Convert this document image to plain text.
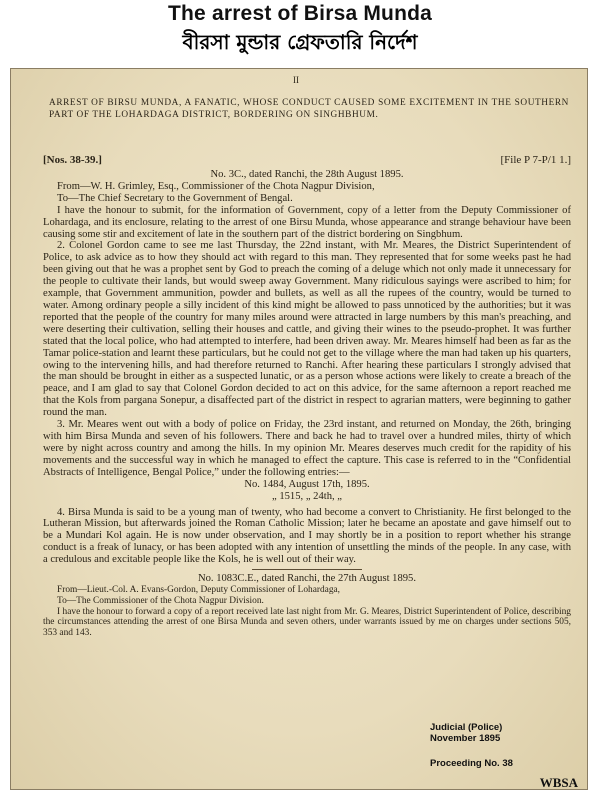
The arrest of Birsa Munda
বীরসা মুন্ডার গ্রেফতারি নির্দেশ
II
ARREST OF BIRSU MUNDA, A FANATIC, WHOSE CONDUCT CAUSED SOME EXCITEMENT IN THE SOUTHERN PART OF THE LOHARDAGA DISTRICT, BORDERING ON SINGHBHUM.
[Nos. 38-39.]	[File P 7-P/1 1.]

No. 3C., dated Ranchi, the 28th August 1895.

From—W. H. Grimley, Esq., Commissioner of the Chota Nagpur Division,

To—The Chief Secretary to the Government of Bengal.

I have the honour to submit, for the information of Government, copy of a letter from the Deputy Commissioner of Lohardaga, and its enclosure, relating to the arrest of one Birsu Munda, whose appearance and strange behaviour have been causing some stir and excitement of late in the southern part of the district bordering on Singbhum.

2. Colonel Gordon came to see me last Thursday, the 22nd instant, with Mr. Meares, the District Superintendent of Police, to ask advice as to how they should act with regard to this man. They represented that for some weeks past he had been giving out that he was a prophet sent by God to preach the coming of a deluge which not only made it unnecessary for the people to cultivate their lands, but would sweep away Government. Many ridiculous sayings were ascribed to him; for example, that Government ammunition, powder and bullets, as well as all the rupees of the country, would be turned to water. Among ordinary people a silly incident of this kind might be allowed to pass unnoticed by the authorities; but it was reported that the people of the country for many miles around were attracted in large numbers by this man's preaching, and were deserting their cultivation, selling their houses and cattle, and giving their wines to the pseudo-prophet. It was further stated that the local police, who had attempted to interfere, had been driven away. Mr. Meares himself had been as far as the Tamar police-station and learnt these particulars, but he could not get to the village where the man had taken up his quarters, owing to the intervening hills, and had therefore returned to Ranchi. After hearing these particulars I strongly advised that the man should be brought in either as a suspected lunatic, or as a person whose actions were likely to create a breach of the peace, and I am glad to say that Colonel Gordon decided to act on this advice, for the same afternoon a report reached me that the Kols from pargana Sonepur, a disaffected part of the district in respect to agrarian matters, were beginning to gather round the man.

3. Mr. Meares went out with a body of police on Friday, the 23rd instant, and returned on Monday, the 26th, bringing with him Birsa Munda and seven of his followers. There and back he had to travel over a hundred miles, thirty of which were by night across country and among the hills. In my opinion Mr. Meares deserves much credit for the rapidity of his movements and the successful way in which he managed to effect the capture. This case is referred to in the “Confidential Abstracts of Intelligence, Bengal Police,” under the following entries:—

No. 1484, August 17th, 1895.
„ 1515, „ 24th, „

4. Birsa Munda is said to be a young man of twenty, who had become a convert to Christianity. He first belonged to the Lutheran Mission, but afterwards joined the Roman Catholic Mission; later he became an apostate and gave himself out to be a Mundari Kol again. He is now under observation, and I may shortly be in a position to report whether his strange conduct is a freak of lunacy, or has been adopted with any intention of unsettling the minds of the people. In any case, with a credulous and excitable people like the Kols, he is well out of their way.

No. 1083C.E., dated Ranchi, the 27th August 1895.

From—Lieut.-Col. A. Evans-Gordon, Deputy Commissioner of Lohardaga,

To—The Commissioner of the Chota Nagpur Division.

I have the honour to forward a copy of a report received late last night from Mr. G. Meares, District Superintendent of Police, describing the circumstances attending the arrest of one Birsa Munda and seven others, under warrants issued by me on charges under sections 505, 353 and 143.

Judicial (Police)
November 1895
Proceeding No. 38
WBSA
